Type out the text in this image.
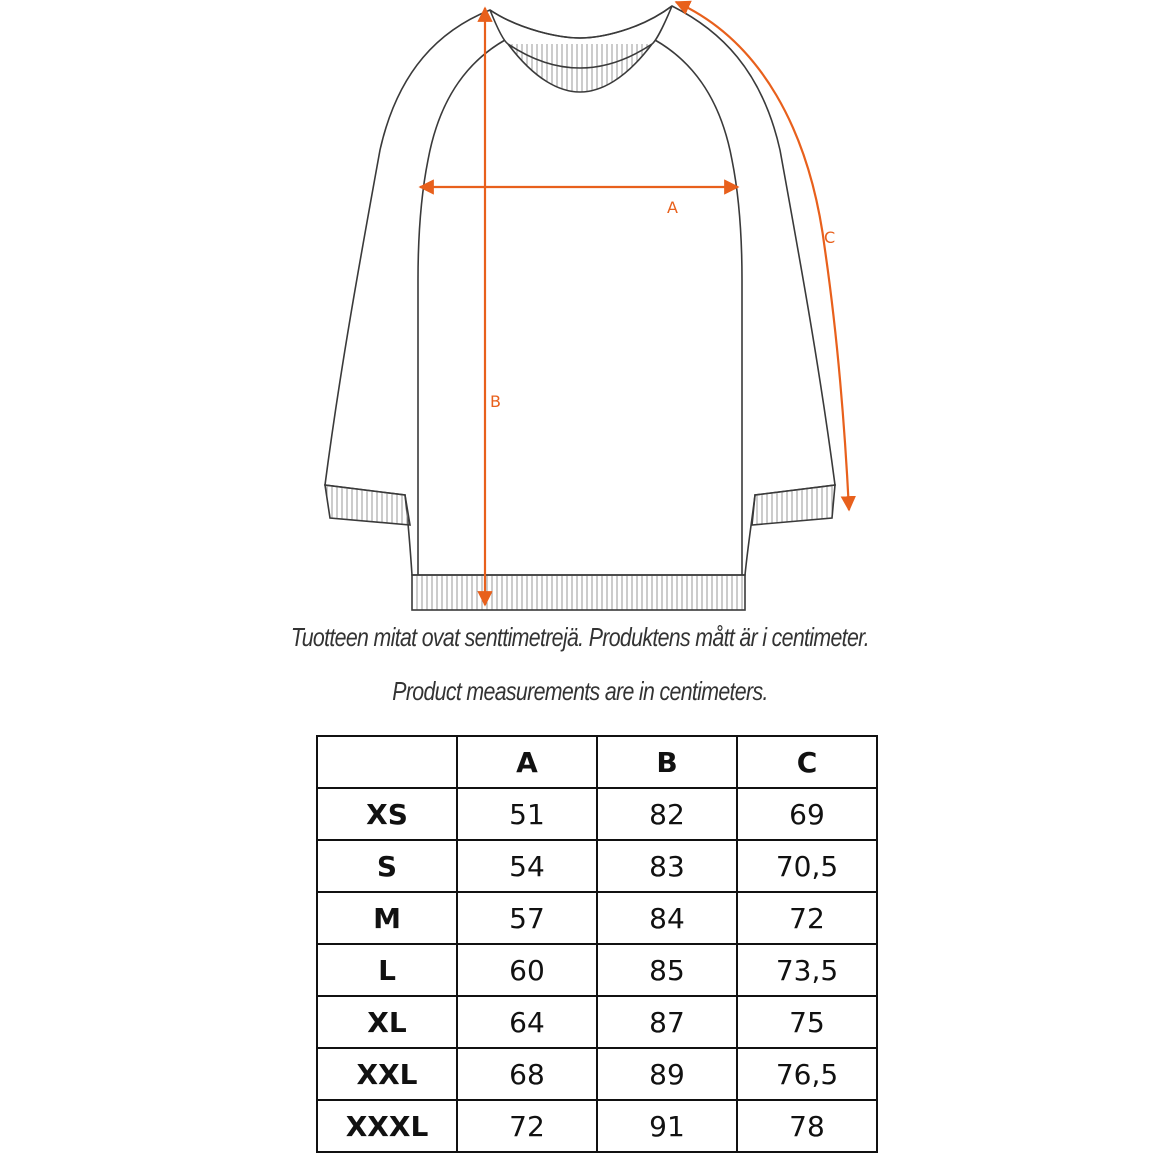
A
B
C
Tuotteen mitat ovat senttimetrejä. Produktens mått är i centimeter.
Product measurements are in centimeters.
	A	B	C
XS	51	82	69
S	54	83	70,5
M	57	84	72
L	60	85	73,5
XL	64	87	75
XXL	68	89	76,5
XXXL	72	91	78
